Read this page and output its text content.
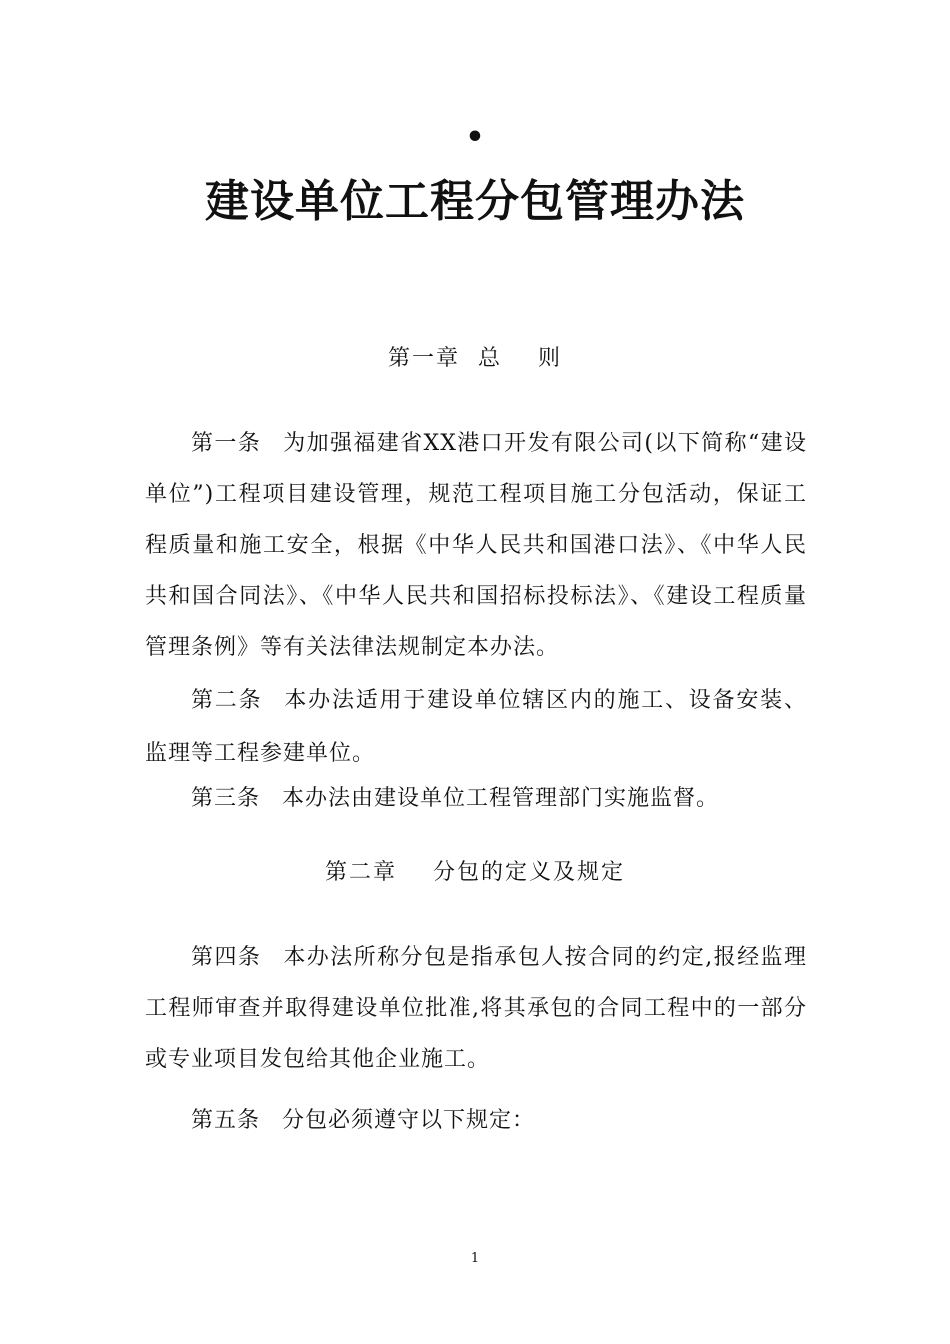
•
建设单位工程分包管理办法
第一章  总    则

第一条 为加强福建省XX港口开发有限公司(以下简称“建设单位”)工程项目建设管理，规范工程项目施工分包活动，保证工程质量和施工安全，根据《中华人民共和国港口法》、《中华人民共和国合同法》、《中华人民共和国招标投标法》、《建设工程质量管理条例》等有关法律法规制定本办法。

第二条 本办法适用于建设单位辖区内的施工、设备安装、监理等工程参建单位。

第三条 本办法由建设单位工程管理部门实施监督。

第二章    分包的定义及规定

第四条 本办法所称分包是指承包人按合同的约定,报经监理工程师审查并取得建设单位批准,将其承包的合同工程中的一部分或专业项目发包给其他企业施工。

第五条 分包必须遵守以下规定：

1
